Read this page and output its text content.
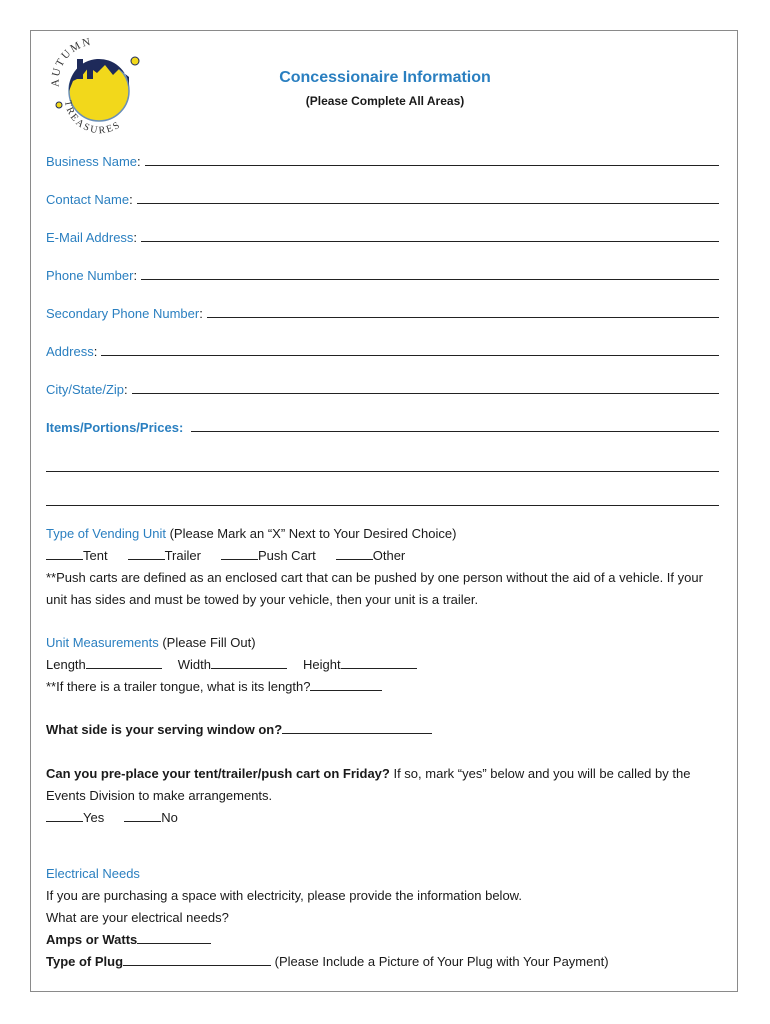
AUTUMN
TREASURES
Concessionaire Information
(Please Complete All Areas)
Business Name :
Contact Name :
E-Mail Address :
Phone Number :
Secondary Phone Number :
Address :
City/State/Zip :
Items/Portions/Prices:
Type of Vending Unit (Please Mark an “X” Next to Your Desired Choice)
Tent	Trailer	Push Cart	Other
**Push carts are defined as an enclosed cart that can be pushed by one person without the aid of a vehicle. If your unit has sides and must be towed by your vehicle, then your unit is a trailer.
Unit Measurements (Please Fill Out)
Length	Width	Height
**If there is a trailer tongue, what is its length?
What side is your serving window on?
Can you pre-place your tent/trailer/push cart on Friday? If so, mark “yes” below and you will be called by the Events Division to make arrangements.
Yes	No
Electrical Needs
If you are purchasing a space with electricity, please provide the information below.
What are your electrical needs?
Amps or Watts
Type of Plug	(Please Include a Picture of Your Plug with Your Payment)
